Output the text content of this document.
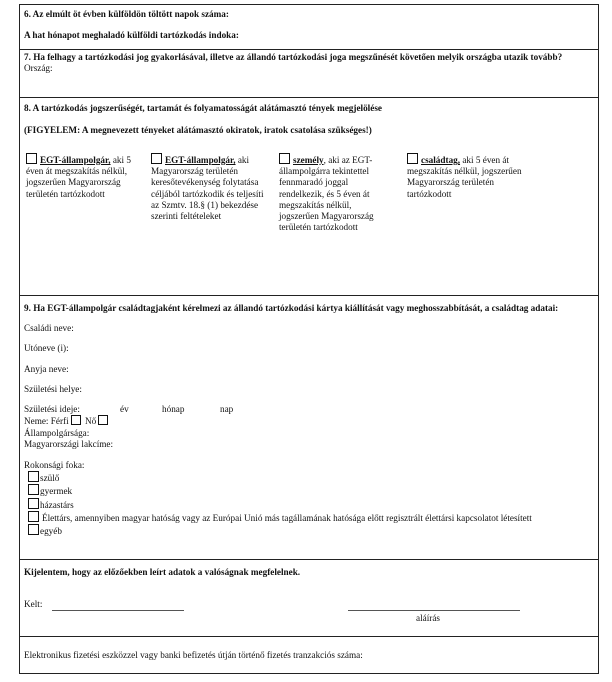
6. Az elmúlt öt évben külföldön töltött napok száma:
A hat hónapot meghaladó külföldi tartózkodás indoka:
7. Ha felhagy a tartózkodási jog gyakorlásával, illetve az állandó tartózkodási joga megszűnését követően melyik országba utazik tovább?
Ország:
8. A tartózkodás jogszerűségét, tartamát és folyamatosságát alátámasztó tények megjelölése
(FIGYELEM: A megnevezett tényeket alátámasztó okiratok, iratok csatolása szükséges!)
EGT-állampolgár, aki 5 éven át megszakítás nélkül, jogszerűen Magyarország területén tartózkodott
EGT-állampolgár, aki Magyarország területén keresőtevékenység folytatása céljából tartózkodik és teljesíti az Szmtv. 18.§ (1) bekezdése szerinti feltételeket
személy, aki az EGT-állampolgárra tekintettel fennmaradó joggal rendelkezik, és 5 éven át megszakítás nélkül, jogszerűen Magyarország területén tartózkodott
családtag, aki 5 éven át megszakítás nélkül, jogszerűen Magyarország területén tartózkodott
9. Ha EGT-állampolgár családtagjaként kérelmezi az állandó tartózkodási kártya kiállítását vagy meghosszabbítását, a családtag adatai:
Családi neve:
Utóneve (i):
Anyja neve:
Születési helye:
Születési ideje:	év	hónap	nap
Neme: Férfi Nő
Állampolgársága:
Magyarországi lakcíme:
Rokonsági foka:
szülő
gyermek
házastárs
Élettárs, amennyiben magyar hatóság vagy az Európai Unió más tagállamának hatósága előtt regisztrált élettársi kapcsolatot létesített
egyéb
Kijelentem, hogy az előzőekben leírt adatok a valóságnak megfelelnek.
Kelt:
aláírás
Elektronikus fizetési eszközzel vagy banki befizetés útján történő fizetés tranzakciós száma:
